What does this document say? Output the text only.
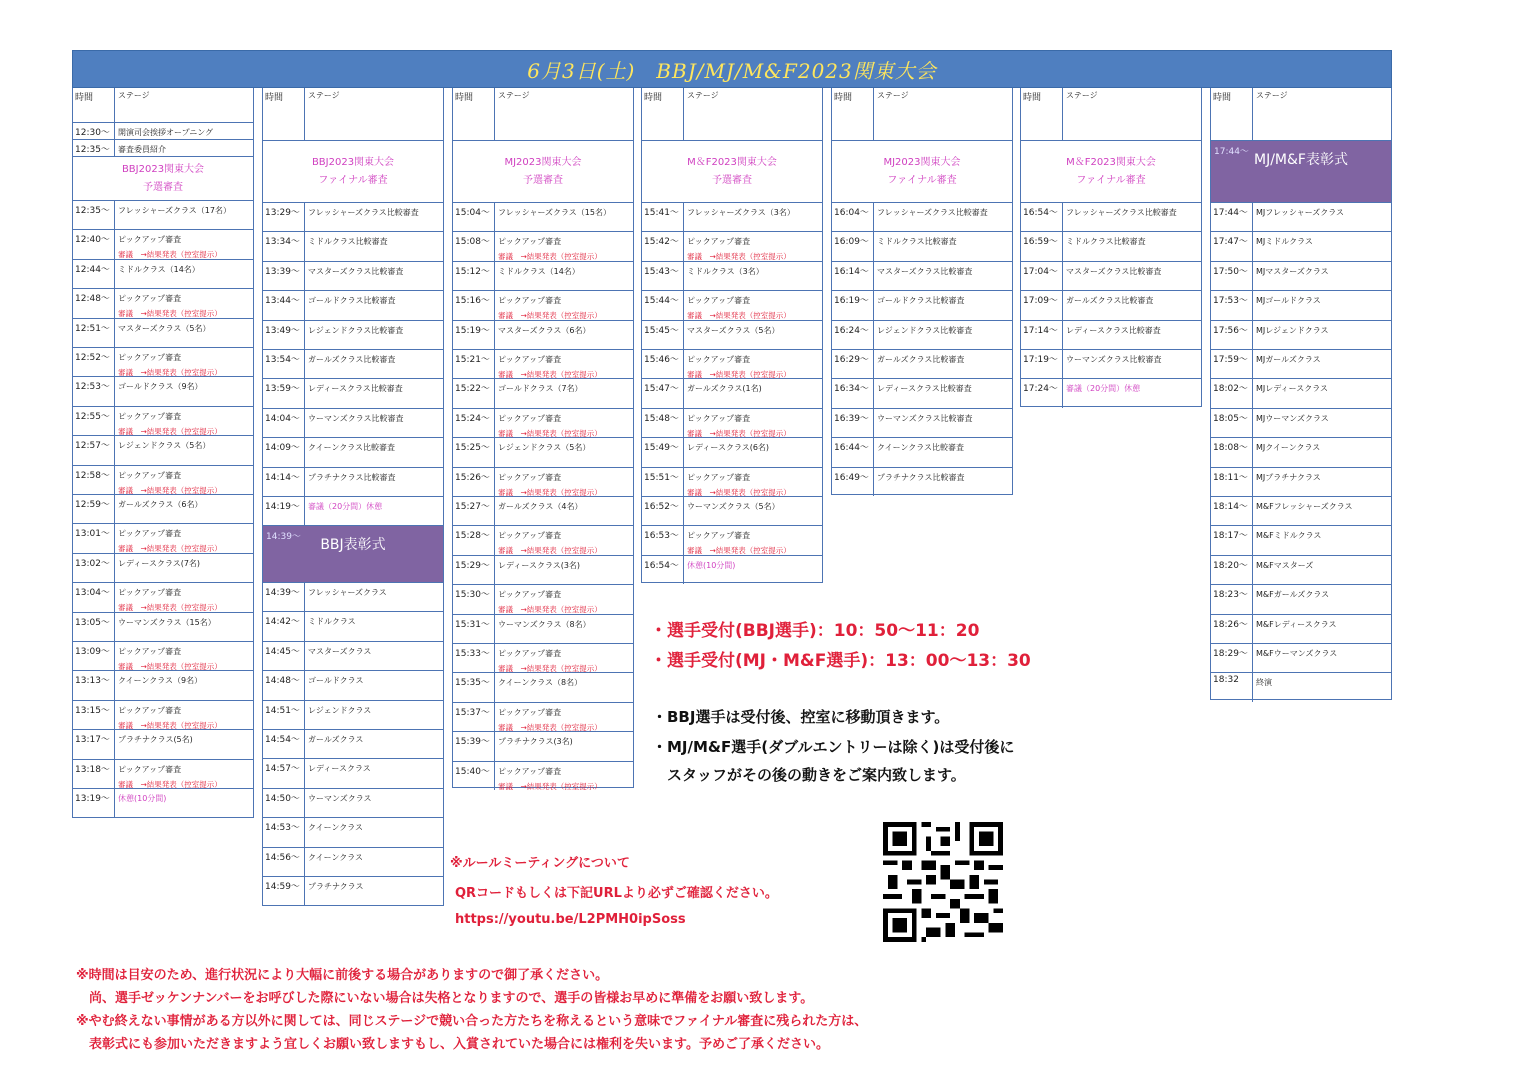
6月3日(土)　BBJ/MJ/M&F2023関東大会
時間	ステージ
12:30〜	開演司会挨拶オープニング
12:35〜	審査委員紹介
BBJ2023関東大会
予選審査
12:35〜	フレッシャーズクラス（17名）
12:40〜	ピックアップ審査
審議　→結果発表（控室提示）
12:44〜	ミドルクラス（14名）
12:48〜	ピックアップ審査
審議　→結果発表（控室提示）
12:51〜	マスターズクラス（5名）
12:52〜	ピックアップ審査
審議　→結果発表（控室提示）
12:53〜	ゴールドクラス（9名）
12:55〜	ピックアップ審査
審議　→結果発表（控室提示）
12:57〜	レジェンドクラス（5名）
12:58〜	ピックアップ審査
審議　→結果発表（控室提示）
12:59〜	ガールズクラス（6名）
13:01〜	ピックアップ審査
審議　→結果発表（控室提示）
13:02〜	レディースクラス(7名)
13:04〜	ピックアップ審査
審議　→結果発表（控室提示）
13:05〜	ウーマンズクラス（15名）
13:09〜	ピックアップ審査
審議　→結果発表（控室提示）
13:13〜	クイーンクラス（9名）
13:15〜	ピックアップ審査
審議　→結果発表（控室提示）
13:17〜	プラチナクラス(5名)
13:18〜	ピックアップ審査
審議　→結果発表（控室提示）
13:19〜	休憩(10分間)
時間	ステージ
BBJ2023関東大会
ファイナル審査
13:29〜	フレッシャーズクラス比較審査
13:34〜	ミドルクラス比較審査
13:39〜	マスターズクラス比較審査
13:44〜	ゴールドクラス比較審査
13:49〜	レジェンドクラス比較審査
13:54〜	ガールズクラス比較審査
13:59〜	レディースクラス比較審査
14:04〜	ウーマンズクラス比較審査
14:09〜	クイーンクラス比較審査
14:14〜	プラチナクラス比較審査
14:19〜	審議（20分間）休憩
14:39〜	BBJ表彰式
14:39〜	フレッシャーズクラス
14:42〜	ミドルクラス
14:45〜	マスターズクラス
14:48〜	ゴールドクラス
14:51〜	レジェンドクラス
14:54〜	ガールズクラス
14:57〜	レディースクラス
14:50〜	ウーマンズクラス
14:53〜	クイーンクラス
14:56〜	クイーンクラス
14:59〜	プラチナクラス
時間	ステージ
MJ2023関東大会
予選審査
15:04〜	フレッシャーズクラス（15名）
15:08〜	ピックアップ審査
審議　→結果発表（控室提示）
15:12〜	ミドルクラス（14名）
15:16〜	ピックアップ審査
審議　→結果発表（控室提示）
15:19〜	マスターズクラス（6名）
15:21〜	ピックアップ審査
審議　→結果発表（控室提示）
15:22〜	ゴールドクラス（7名）
15:24〜	ピックアップ審査
審議　→結果発表（控室提示）
15:25〜	レジェンドクラス（5名）
15:26〜	ピックアップ審査
審議　→結果発表（控室提示）
15:27〜	ガールズクラス（4名）
15:28〜	ピックアップ審査
審議　→結果発表（控室提示）
15:29〜	レディースクラス(3名)
15:30〜	ピックアップ審査
審議　→結果発表（控室提示）
15:31〜	ウーマンズクラス（8名）
15:33〜	ピックアップ審査
審議　→結果発表（控室提示）
15:35〜	クイーンクラス（8名）
15:37〜	ピックアップ審査
審議　→結果発表（控室提示）
15:39〜	プラチナクラス(3名)
15:40〜	ピックアップ審査
審議　→結果発表（控室提示）
時間	ステージ
M＆F2023関東大会
予選審査
15:41〜	フレッシャーズクラス（3名）
15:42〜	ピックアップ審査
審議　→結果発表（控室提示）
15:43〜	ミドルクラス（3名）
15:44〜	ピックアップ審査
審議　→結果発表（控室提示）
15:45〜	マスターズクラス（5名）
15:46〜	ピックアップ審査
審議　→結果発表（控室提示）
15:47〜	ガールズクラス(1名)
15:48〜	ピックアップ審査
審議　→結果発表（控室提示）
15:49〜	レディースクラス(6名)
15:51〜	ピックアップ審査
審議　→結果発表（控室提示）
16:52〜	ウーマンズクラス（5名）
16:53〜	ピックアップ審査
審議　→結果発表（控室提示）
16:54〜	休憩(10分間)
時間	ステージ
MJ2023関東大会
ファイナル審査
16:04〜	フレッシャーズクラス比較審査
16:09〜	ミドルクラス比較審査
16:14〜	マスターズクラス比較審査
16:19〜	ゴールドクラス比較審査
16:24〜	レジェンドクラス比較審査
16:29〜	ガールズクラス比較審査
16:34〜	レディースクラス比較審査
16:39〜	ウーマンズクラス比較審査
16:44〜	クイーンクラス比較審査
16:49〜	プラチナクラス比較審査
時間	ステージ
M＆F2023関東大会
ファイナル審査
16:54〜	フレッシャーズクラス比較審査
16:59〜	ミドルクラス比較審査
17:04〜	マスターズクラス比較審査
17:09〜	ガールズクラス比較審査
17:14〜	レディースクラス比較審査
17:19〜	ウーマンズクラス比較審査
17:24〜	審議（20分間）休憩
時間	ステージ
17:44〜 MJ/M&F表彰式
17:44〜	MJフレッシャーズクラス
17:47〜	MJミドルクラス
17:50〜	MJマスターズクラス
17:53〜	MJゴールドクラス
17:56〜	MJレジェンドクラス
17:59〜	MJガールズクラス
18:02〜	MJレディースクラス
18:05〜	MJウーマンズクラス
18:08〜	MJクイーンクラス
18:11〜	MJプラチナクラス
18:14〜	M&Fフレッシャーズクラス
18:17〜	M&Fミドルクラス
18:20〜	M&Fマスターズ
18:23〜	M&Fガールズクラス
18:26〜	M&Fレディースクラス
18:29〜	M&Fウーマンズクラス
18:32	終演
・選手受付(BBJ選手)：10：50〜11：20
・選手受付(MJ・M&F選手)：13：00〜13：30
・BBJ選手は受付後、控室に移動頂きます。
・MJ/M&F選手(ダブルエントリーは除く)は受付後に
　スタッフがその後の動きをご案内致します。
※ルールミーティングについて
QRコードもしくは下記URLより必ずご確認ください。
https://youtu.be/L2PMH0ipSoss
※時間は目安のため、進行状況により大幅に前後する場合がありますので御了承ください。
　尚、選手ゼッケンナンバーをお呼びした際にいない場合は失格となりますので、選手の皆様お早めに準備をお願い致します。
※やむ終えない事情がある方以外に関しては、同じステージで競い合った方たちを称えるという意味でファイナル審査に残られた方は、
　表彰式にも参加いただきますよう宜しくお願い致しますもし、入賞されていた場合には権利を失います。予めご了承ください。
